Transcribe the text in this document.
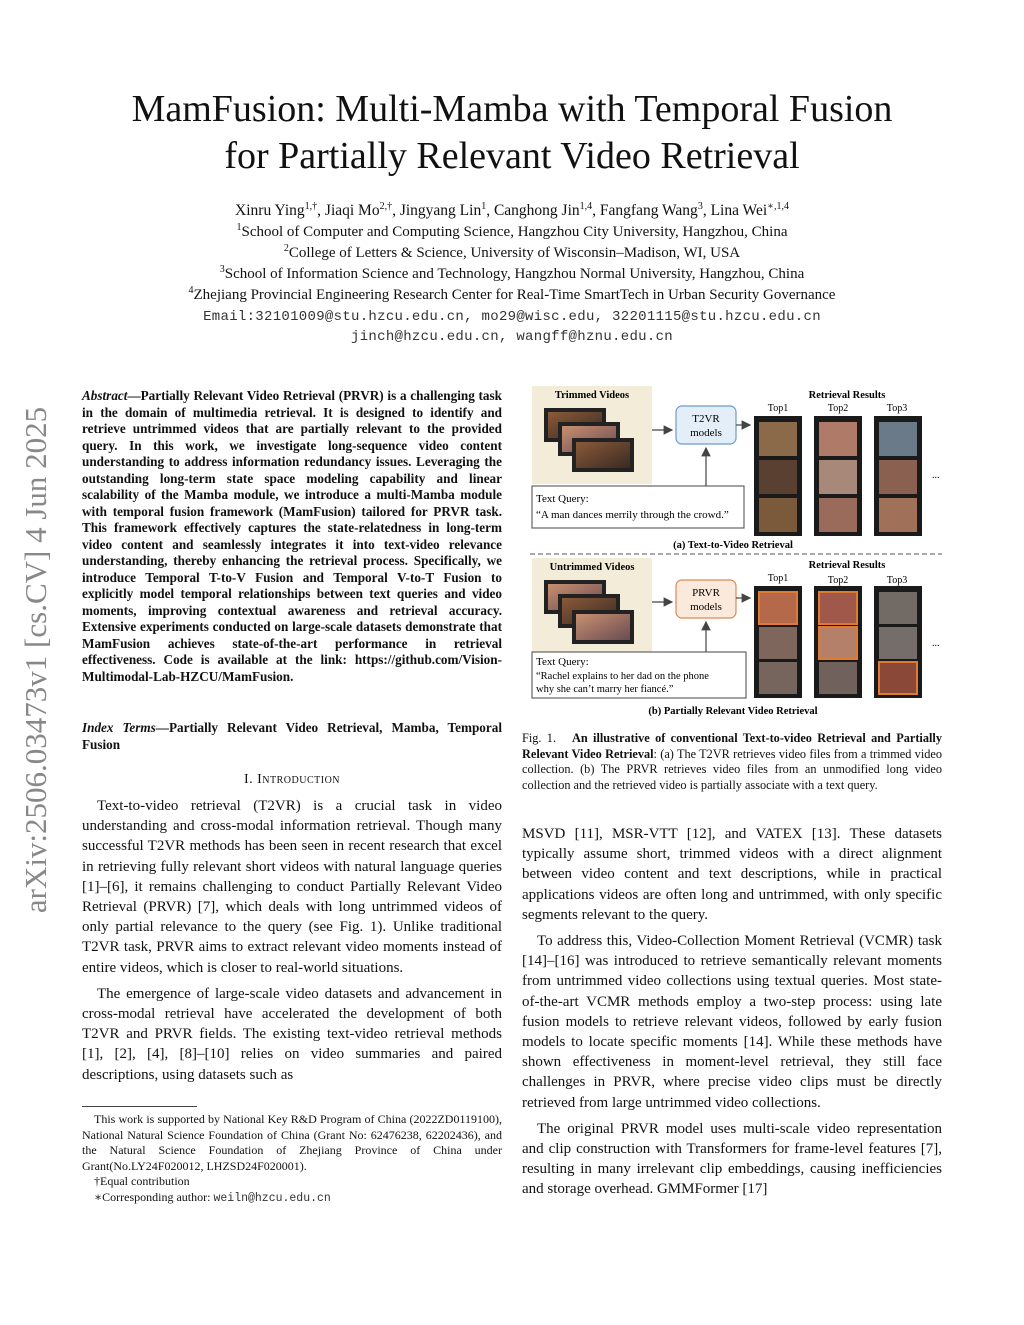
MamFusion: Multi-Mamba with Temporal Fusion
for Partially Relevant Video Retrieval
Xinru Ying$^{1,\dagger}$, Jiaqi $Mo^{2,\dagger}$, Jingyang Lin$^1$, Canghong Jin$^{1,4}$, Fangfang Wang$^3$, Lina Wei$^{∗,1,4}$
$^1$School of Computer and Computing Science, Hangzhou City University, Hangzhou, China
$^2$College of Letters & Science, University of Wisconsin–Madison, WI, USA
$^3$School of Information Science and Technology, Hangzhou Normal University, Hangzhou, China
$^4$Zhejiang Provincial Engineering Research Center for Real-Time SmartTech in Urban Security Governance
Email:32101009@stu.hzcu.edu.cn, mo29@wisc.edu, 32201115@stu.hzcu.edu.cn
jinch@hzcu.edu.cn, wangff@hznu.edu.cn
arXiv:2506.03473v1 [cs.CV] 4 Jun 2025
Abstract—Partially Relevant Video Retrieval (PRVR) is a challenging task in the domain of multimedia retrieval. It is designed to identify and retrieve untrimmed videos that are partially relevant to the provided query. In this work, we investigate long-sequence video content understanding to address information redundancy issues. Leveraging the outstanding long-term state space modeling capability and linear scalability of the Mamba module, we introduce a multi-Mamba module with temporal fusion framework (MamFusion) tailored for PRVR task. This framework effectively captures the state-relatedness in long-term video content and seamlessly integrates it into text-video relevance understanding, thereby enhancing the retrieval process. Specifically, we introduce Temporal T-to-V Fusion and Temporal V-to-T Fusion to explicitly model temporal relationships between text queries and video moments, improving contextual awareness and retrieval accuracy. Extensive experiments conducted on large-scale datasets demonstrate that MamFusion achieves state-of-the-art performance in retrieval effectiveness. Code is available at the link: https://github.com/Vision-Multimodal-Lab-HZCU/MamFusion.
Index Terms—Partially Relevant Video Retrieval, Mamba, Temporal Fusion
I. Introduction

Text-to-video retrieval (T2VR) is a crucial task in video understanding and cross-modal information retrieval. Though many successful T2VR methods has been seen in recent research that excel in retrieving fully relevant short videos with natural language queries [1]–[6], it remains challenging to conduct Partially Relevant Video Retrieval (PRVR) [7], which deals with long untrimmed videos of only partial relevance to the query (see Fig. 1). Unlike traditional T2VR task, PRVR aims to extract relevant video moments instead of entire videos, which is closer to real-world situations.

The emergence of large-scale video datasets and advancement in cross-modal retrieval have accelerated the development of both T2VR and PRVR fields. The existing text-video retrieval methods [1], [2], [4], [8]–[10] relies on video summaries and paired descriptions, using datasets such as

This work is supported by National Key R&D Program of China (2022ZD0119100), National Natural Science Foundation of China (Grant No: 62476238, 62202436), and the Natural Science Foundation of Zhejiang Province of China under Grant(No.LY24F020012, LHZSD24F020001).

†Equal contribution

∗Corresponding author: weiln@hzcu.edu.cn

Trimmed Videos
T2VR
models
Retrieval Results
Top1	Top2	Top3
...
Text Query:
“A man dances merrily through the crowd.”
(a) Text-to-Video Retrieval
Untrimmed Videos
PRVR
models
Retrieval Results
Top1	Top2	Top3
...
Text Query:
“Rachel explains to her dad on the phone
why she can’t marry her fiancé.”
(b) Partially Relevant Video Retrieval
Fig. 1. An illustrative of conventional Text-to-video Retrieval and Partially Relevant Video Retrieval: (a) The T2VR retrieves video files from a trimmed video collection. (b) The PRVR retrieves video files from an unmodified long video collection and the retrieved video is partially associate with a text query.

MSVD [11], MSR-VTT [12], and VATEX [13]. These datasets typically assume short, trimmed videos with a direct alignment between video content and text descriptions, while in practical applications videos are often long and untrimmed, with only specific segments relevant to the query.

To address this, Video-Collection Moment Retrieval (VCMR) task [14]–[16] was introduced to retrieve semantically relevant moments from untrimmed video collections using textual queries. Most state-of-the-art VCMR methods employ a two-step process: using late fusion models to retrieve relevant videos, followed by early fusion models to locate specific moments [14]. While these methods have shown effectiveness in moment-level retrieval, they still face challenges in PRVR, where precise video clips must be directly retrieved from large untrimmed video collections.

The original PRVR model uses multi-scale video representation and clip construction with Transformers for frame-level features [7], resulting in many irrelevant clip embeddings, causing inefficiencies and storage overhead. GMMFormer [17]
